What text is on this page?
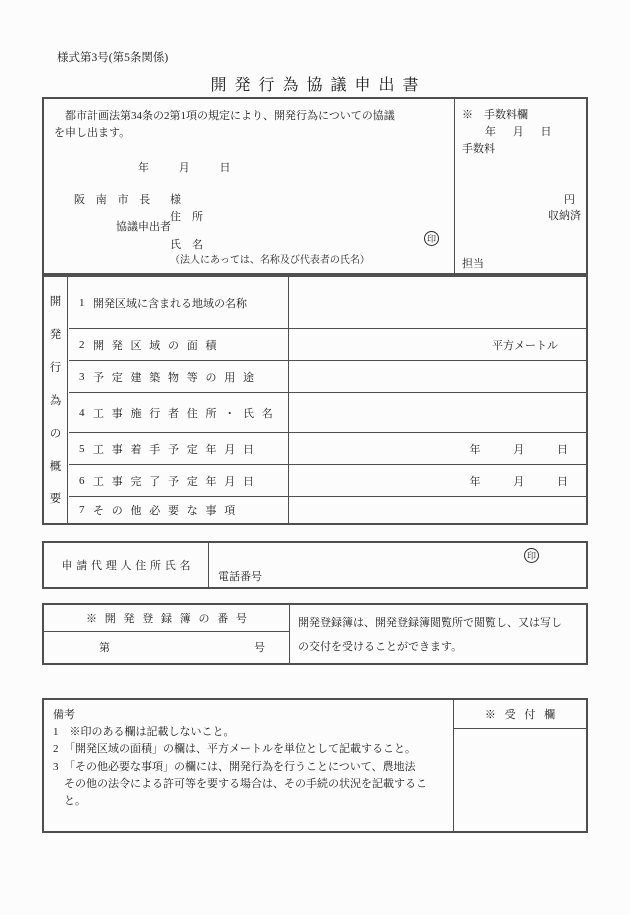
様式第3号(第5条関係)
開 発 行 為 協 議 申 出 書
　都市計画法第34条の2第1項の規定により、開発行為についての協議
を申し出ます。
年 月 日
阪 南 市 長 様
住　所
協議申出者
氏　名	印
（法人にあっては、名称及び代表者の氏名）
※　手数料欄
年 月 日
手数料
円
収納済
担当
開
発
行
為
の
概
要
1 開発区域に含まれる地域の名称
2 開 発 区 域 の 面 積	平方メートル
3 予 定 建 築 物 等 の 用 途
4 工 事 施 行 者 住 所 ・ 氏 名
5 工 事 着 手 予 定 年 月 日	年 月 日
6 工 事 完 了 予 定 年 月 日	年 月 日
7 そ の 他 必 要 な 事 項
申 請 代 理 人 住 所 氏 名
電話番号
印
※ 開 発 登 録 簿 の 番 号
第	号
開発登録簿は、開発登録簿閲覧所で閲覧し、又は写し
の交付を受けることができます。
備考
1　※印のある欄は記載しないこと。
2　「開発区域の面積」の欄は、平方メートルを単位として記載すること。
3　「その他必要な事項」の欄には、開発行為を行うことについて、農地法
　その他の法令による許可等を要する場合は、その手続の状況を記載するこ
　と。
※ 受 付 欄
